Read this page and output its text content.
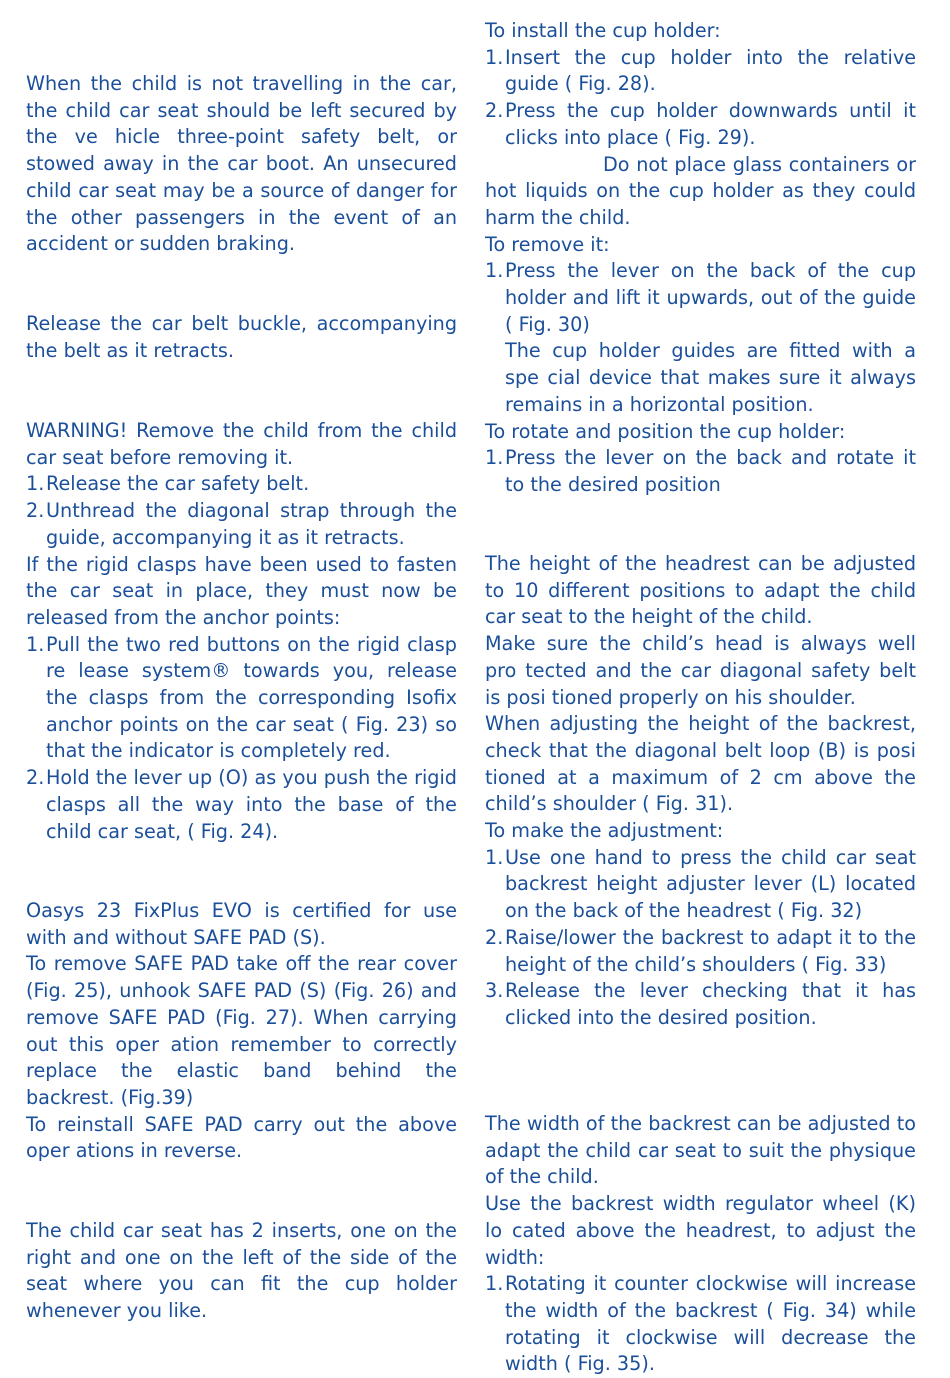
When the child is not travelling in the car, the child car seat should be left secured by the ve hicle three-point safety belt, or stowed away in the car boot. An unsecured child car seat may be a source of danger for the other passengers in the event of an accident or sudden braking.

Release the car belt buckle, accompanying the belt as it retracts.

WARNING! Remove the child from the child car seat before removing it.

1. Release the car safety belt.
2. Unthread the diagonal strap through the guide, accompanying it as it retracts.

If the rigid clasps have been used to fasten the car seat in place, they must now be released from the anchor points:

1. Pull the two red buttons on the rigid clasp re lease system® towards you, release the clasps from the corresponding Isofix anchor points on the car seat ( Fig. 23) so that the indicator is completely red.
2. Hold the lever up (O) as you push the rigid clasps all the way into the base of the child car seat, ( Fig. 24).

Oasys 23 FixPlus EVO is certified for use with and without SAFE PAD (S).

To remove SAFE PAD take off the rear cover (Fig. 25), unhook SAFE PAD (S) (Fig. 26) and remove SAFE PAD (Fig. 27). When carrying out this oper ation remember to correctly replace the elastic band behind the backrest. (Fig.39)

To reinstall SAFE PAD carry out the above oper ations in reverse.

The child car seat has 2 inserts, one on the right and one on the left of the side of the seat where you can fit the cup holder whenever you like.

To install the cup holder:

1. Insert the cup holder into the relative guide ( Fig. 28).
2. Press the cup holder downwards until it clicks into place ( Fig. 29).

Do not place glass containers or hot liquids on the cup holder as they could harm the child.

To remove it:

1. Press the lever on the back of the cup holder and lift it upwards, out of the guide ( Fig. 30)

The cup holder guides are fitted with a spe cial device that makes sure it always remains in a horizontal position.

To rotate and position the cup holder:

1. Press the lever on the back and rotate it to the desired position

The height of the headrest can be adjusted to 10 different positions to adapt the child car seat to the height of the child.

Make sure the child’s head is always well pro tected and the car diagonal safety belt is posi tioned properly on his shoulder.

When adjusting the height of the backrest, check that the diagonal belt loop (B) is posi tioned at a maximum of 2 cm above the child’s shoulder ( Fig. 31).

To make the adjustment:

1. Use one hand to press the child car seat backrest height adjuster lever (L) located on the back of the headrest ( Fig. 32)
2. Raise/lower the backrest to adapt it to the height of the child’s shoulders ( Fig. 33)
3. Release the lever checking that it has clicked into the desired position.

The width of the backrest can be adjusted to adapt the child car seat to suit the physique of the child.

Use the backrest width regulator wheel (K) lo cated above the headrest, to adjust the width:

1. Rotating it counter clockwise will increase the width of the backrest ( Fig. 34) while rotating it clockwise will decrease the width ( Fig. 35).
